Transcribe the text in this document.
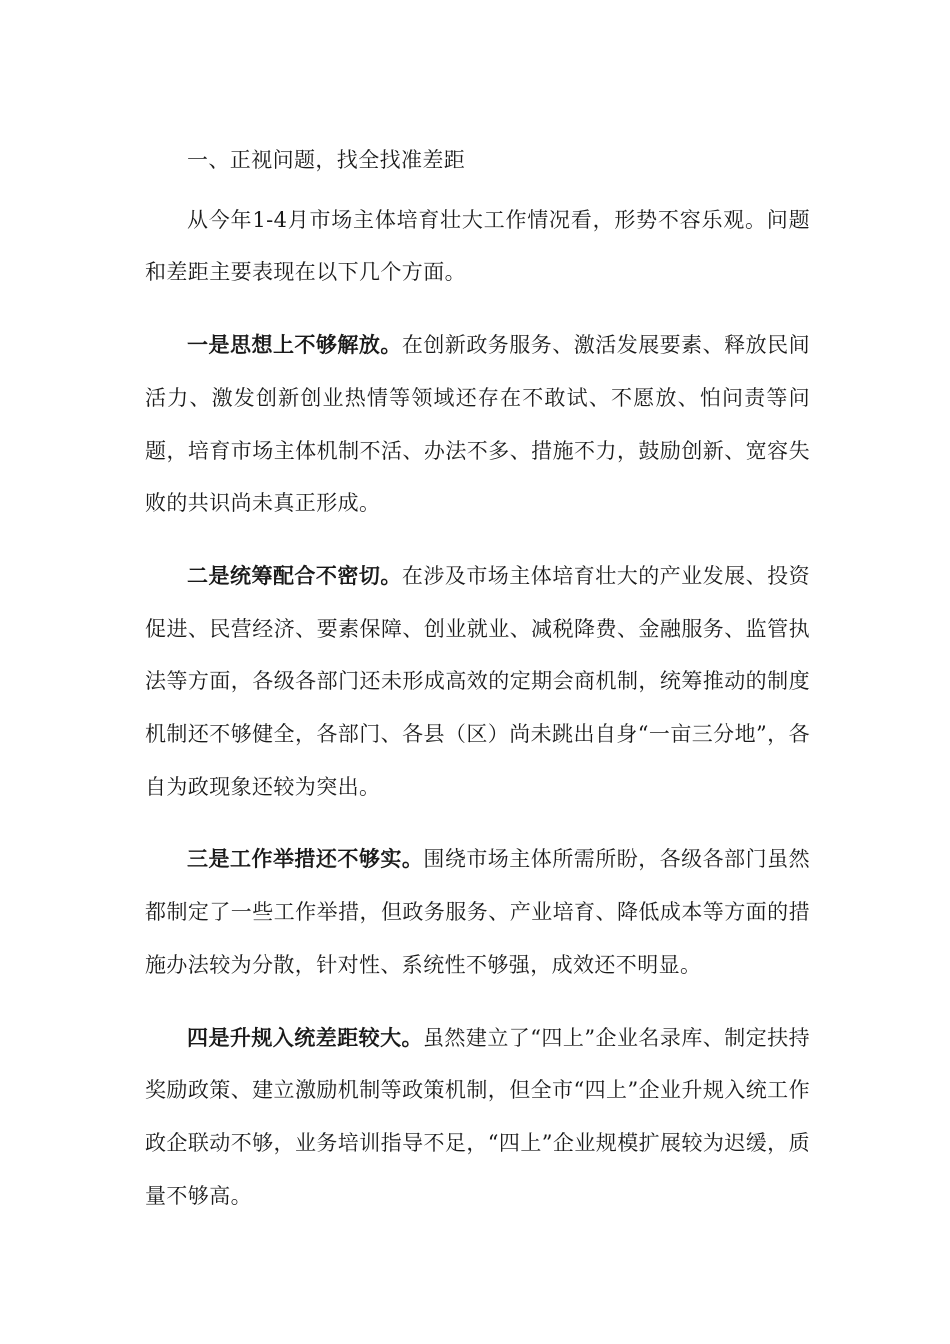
一、正视问题，找全找准差距

从今年1-4月市场主体培育壮大工作情况看，形势不容乐观。问题和差距主要表现在以下几个方面。

一是思想上不够解放。在创新政务服务、激活发展要素、释放民间活力、激发创新创业热情等领域还存在不敢试、不愿放、怕问责等问题，培育市场主体机制不活、办法不多、措施不力，鼓励创新、宽容失败的共识尚未真正形成。

二是统筹配合不密切。在涉及市场主体培育壮大的产业发展、投资促进、民营经济、要素保障、创业就业、减税降费、金融服务、监管执法等方面，各级各部门还未形成高效的定期会商机制，统筹推动的制度机制还不够健全，各部门、各县（区）尚未跳出自身“一亩三分地”，各自为政现象还较为突出。

三是工作举措还不够实。围绕市场主体所需所盼，各级各部门虽然都制定了一些工作举措，但政务服务、产业培育、降低成本等方面的措施办法较为分散，针对性、系统性不够强，成效还不明显。

四是升规入统差距较大。虽然建立了“四上”企业名录库、制定扶持奖励政策、建立激励机制等政策机制，但全市“四上”企业升规入统工作政企联动不够，业务培训指导不足，“四上”企业规模扩展较为迟缓，质量不够高。
